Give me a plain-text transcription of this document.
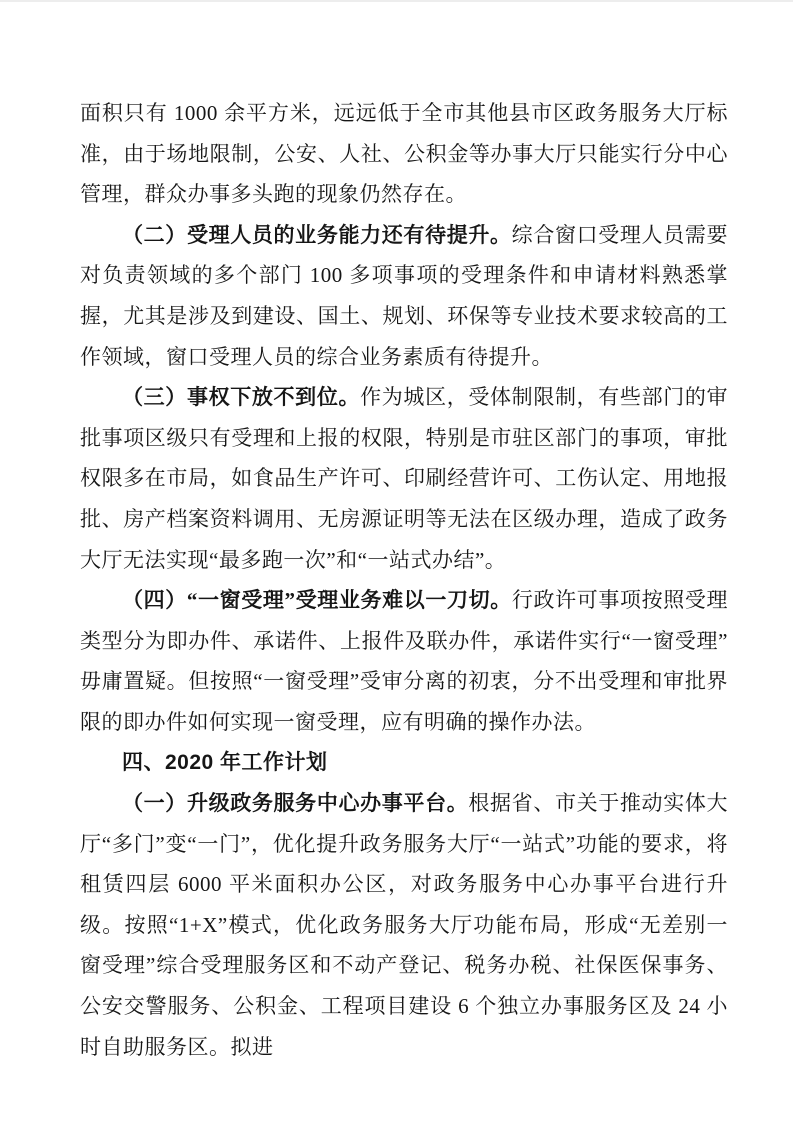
面积只有 1000 余平方米，远远低于全市其他县市区政务服务大厅标准，由于场地限制，公安、人社、公积金等办事大厅只能实行分中心管理，群众办事多头跑的现象仍然存在。

（二）受理人员的业务能力还有待提升。综合窗口受理人员需要对负责领域的多个部门 100 多项事项的受理条件和申请材料熟悉掌握，尤其是涉及到建设、国土、规划、环保等专业技术要求较高的工作领域，窗口受理人员的综合业务素质有待提升。

（三）事权下放不到位。作为城区，受体制限制，有些部门的审批事项区级只有受理和上报的权限，特别是市驻区部门的事项，审批权限多在市局，如食品生产许可、印刷经营许可、工伤认定、用地报批、房产档案资料调用、无房源证明等无法在区级办理，造成了政务大厅无法实现“最多跑一次”和“一站式办结”。

（四）“一窗受理”受理业务难以一刀切。行政许可事项按照受理类型分为即办件、承诺件、上报件及联办件，承诺件实行“一窗受理”毋庸置疑。但按照“一窗受理”受审分离的初衷，分不出受理和审批界限的即办件如何实现一窗受理，应有明确的操作办法。

四、2020 年工作计划

（一）升级政务服务中心办事平台。根据省、市关于推动实体大厅“多门”变“一门”，优化提升政务服务大厅“一站式”功能的要求，将租赁四层 6000 平米面积办公区，对政务服务中心办事平台进行升级。按照“1+X”模式，优化政务服务大厅功能布局，形成“无差别一窗受理”综合受理服务区和不动产登记、税务办税、社保医保事务、公安交警服务、公积金、工程项目建设 6 个独立办事服务区及 24 小时自助服务区。拟进
